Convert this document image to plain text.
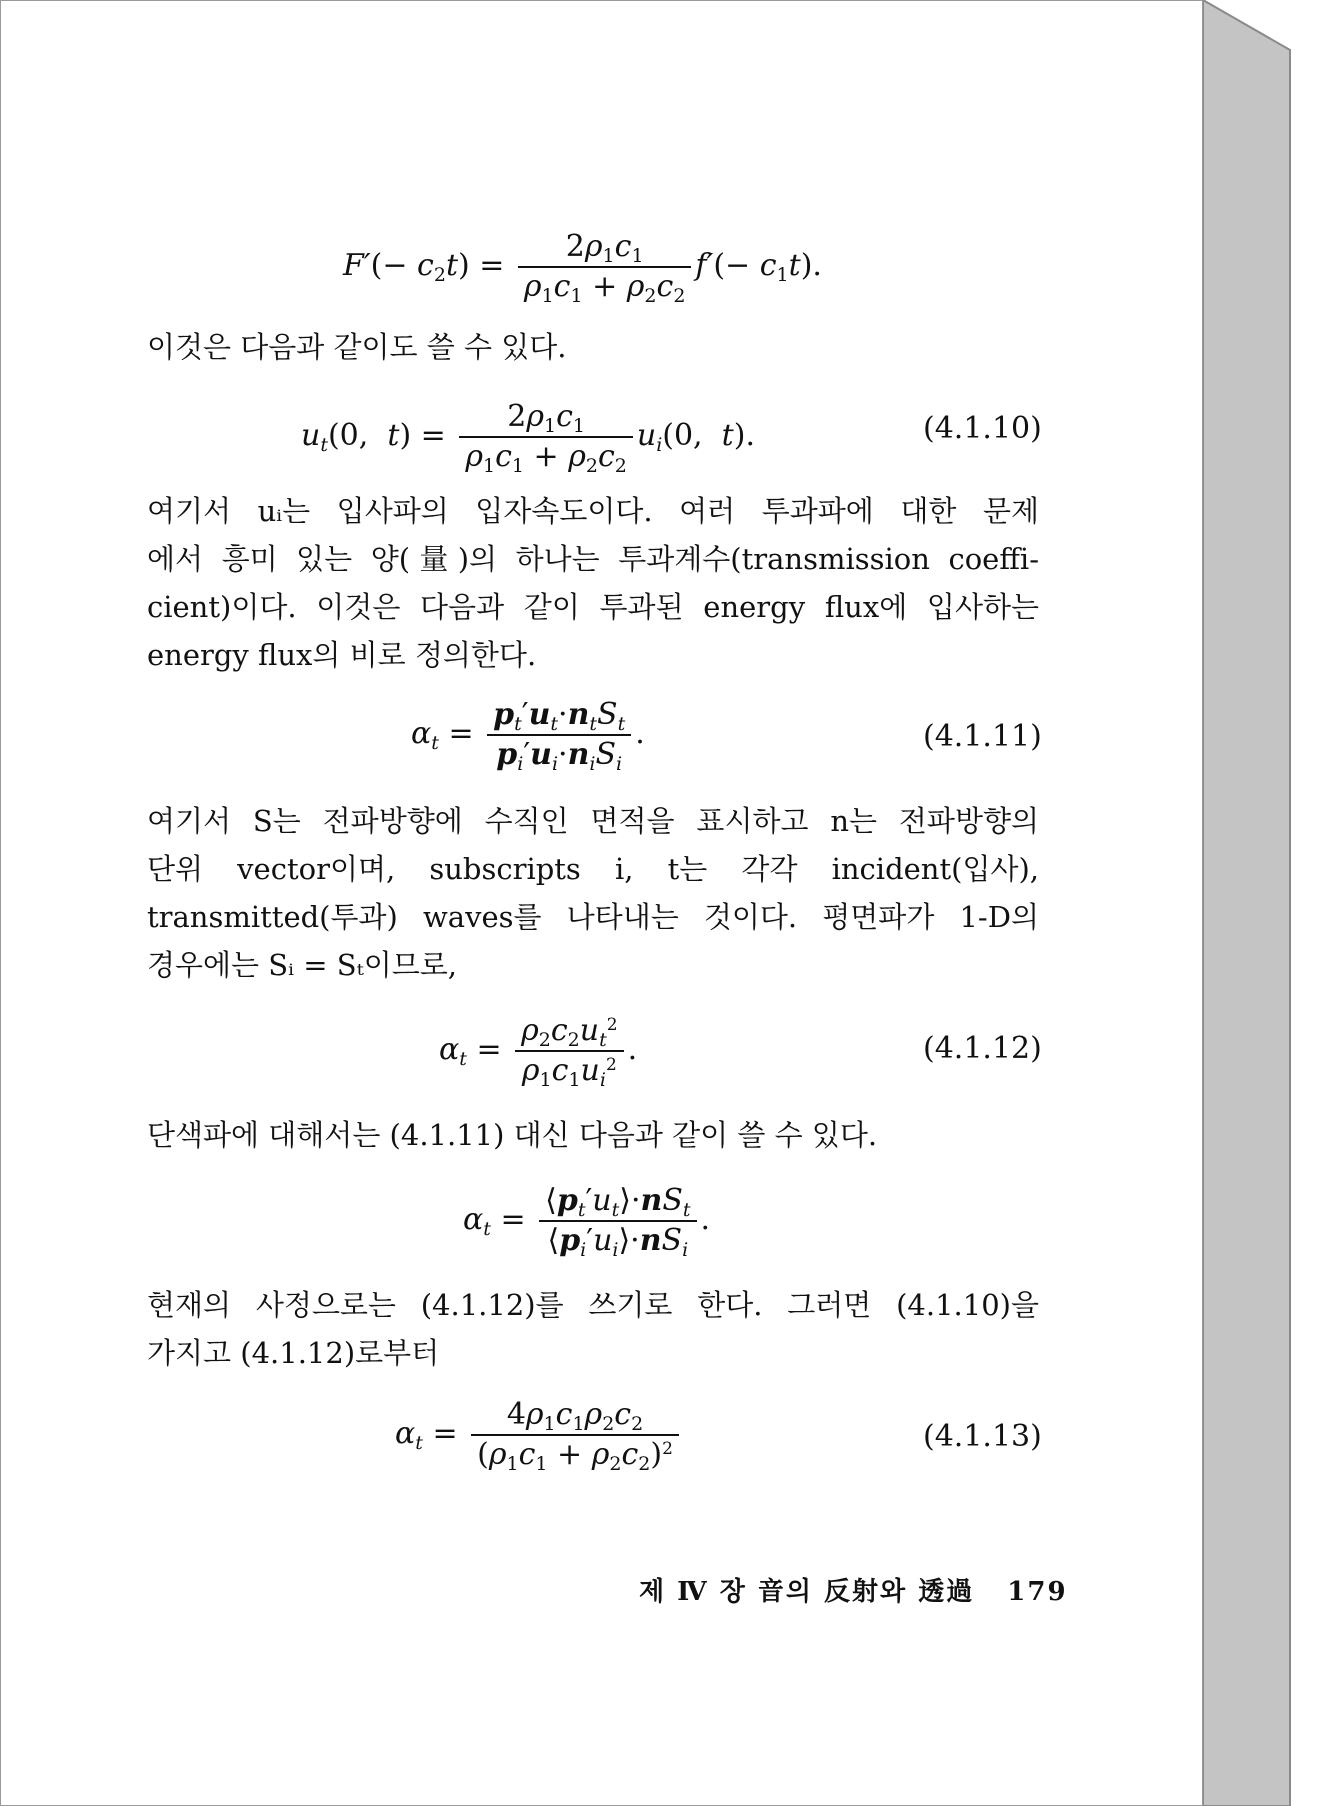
$F'(- c_2t) = \frac{2\rho_1c_1}{\rho_1c_1 + \rho_2c_2} f'(- c_1t)$.
이것은 다음과 같이도 쓸 수 있다.
$u_t(0$,  $t) = \frac{2\rho_1c_1}{\rho_1c_1 + \rho_2c_2} u_i(0$,  t).	(4.1.10)
여기서 uᵢ는 입사파의 입자속도이다. 여러 투과파에 대한 문제
에서 흥미 있는 양(量)의 하나는 투과계수(transmission coeffi-
cient)이다. 이것은 다음과 같이 투과된 energy flux에 입사하는
energy flux의 비로 정의한다.
$\alpha_t = \frac{p_t'u_t\cdot n_tS_t}{p_i'u_i\cdot n_iS_i}$ .	(4.1.11)
여기서 S는 전파방향에 수직인 면적을 표시하고 n는 전파방향의
단위 vector이며, subscripts i, t는 각각 incident(입사),
transmitted(투과) waves를 나타내는 것이다. 평면파가 1-D의
경우에는 Sᵢ = Sₜ이므로,
$\alpha_t = \frac{\rho_2c_2u_t^2}{\rho_1c_1u_i^2}$ .	(4.1.12)
단색파에 대해서는 (4.1.11) 대신 다음과 같이 쓸 수 있다.
$\alpha_t = \frac{⟨p_t'u_t⟩\cdot nS_t}{⟨p_i'u_i⟩\cdot nS_i}$ .
현재의 사정으로는 (4.1.12)를 쓰기로 한다. 그러면 (4.1.10)을
가지고 (4.1.12)로부터
$\alpha_t = \frac{4\rho_1c_1\rho_2c_2}{(\rho_1c_1 + \rho_2c_2)^2}$	(4.1.13)
제 Ⅳ 장 音의 反射와 透過 179
